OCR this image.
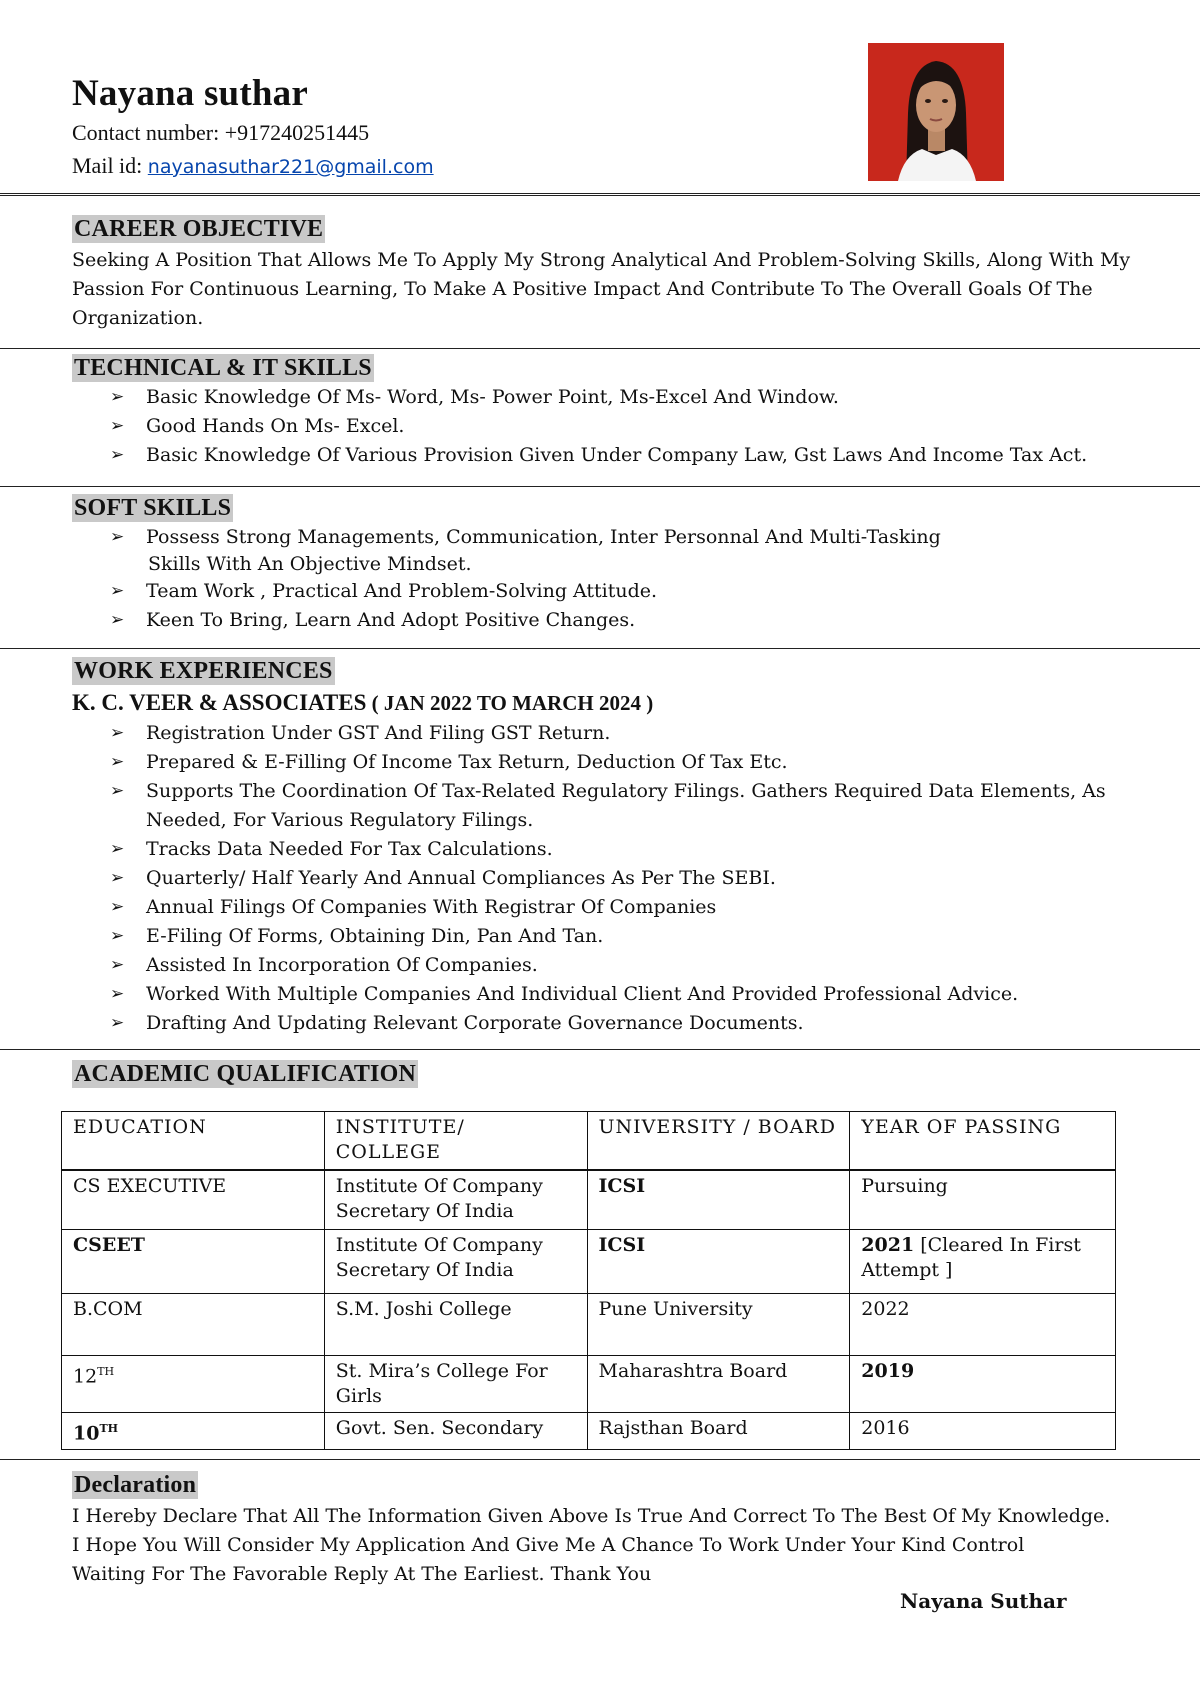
Nayana suthar
Contact number: +917240251445
Mail id: nayanasuthar221@gmail.com
CAREER OBJECTIVE
Seeking A Position That Allows Me To Apply My Strong Analytical And Problem-Solving Skills, Along With My Passion For Continuous Learning, To Make A Positive Impact And Contribute To The Overall Goals Of The Organization.
TECHNICAL & IT SKILLS
➢ Basic Knowledge Of Ms- Word, Ms- Power Point, Ms-Excel And Window.
➢ Good Hands On Ms- Excel.
➢ Basic Knowledge Of Various Provision Given Under Company Law, Gst Laws And Income Tax Act.
SOFT SKILLS
➢ Possess Strong Managements, Communication, Inter Personnal And Multi-Tasking
Skills With An Objective Mindset.
➢ Team Work , Practical And Problem-Solving Attitude.
➢ Keen To Bring, Learn And Adopt Positive Changes.
WORK EXPERIENCES
K. C. VEER & ASSOCIATES ( JAN 2022 TO MARCH 2024 )
➢ Registration Under GST And Filing GST Return.
➢ Prepared & E-Filling Of Income Tax Return, Deduction Of Tax Etc.
➢ Supports The Coordination Of Tax-Related Regulatory Filings. Gathers Required Data Elements, As Needed, For Various Regulatory Filings.
➢ Tracks Data Needed For Tax Calculations.
➢ Quarterly/ Half Yearly And Annual Compliances As Per The SEBI.
➢ Annual Filings Of Companies With Registrar Of Companies
➢ E-Filing Of Forms, Obtaining Din, Pan And Tan.
➢ Assisted In Incorporation Of Companies.
➢ Worked With Multiple Companies And Individual Client And Provided Professional Advice.
➢ Drafting And Updating Relevant Corporate Governance Documents.
ACADEMIC QUALIFICATION
EDUCATION	INSTITUTE/ COLLEGE	UNIVERSITY / BOARD	YEAR OF PASSING
CS EXECUTIVE	Institute Of Company Secretary Of India	ICSI	Pursuing
CSEET	Institute Of Company Secretary Of India	ICSI	2021 [Cleared In First Attempt ]
B.COM	S.M. Joshi College	Pune University	2022
12TH	St. Mira’s College For Girls	Maharashtra Board	2019
10TH	Govt. Sen. Secondary	Rajsthan Board	2016
Declaration
I Hereby Declare That All The Information Given Above Is True And Correct To The Best Of My Knowledge.
I Hope You Will Consider My Application And Give Me A Chance To Work Under Your Kind Control
Waiting For The Favorable Reply At The Earliest. Thank You
Nayana Suthar
